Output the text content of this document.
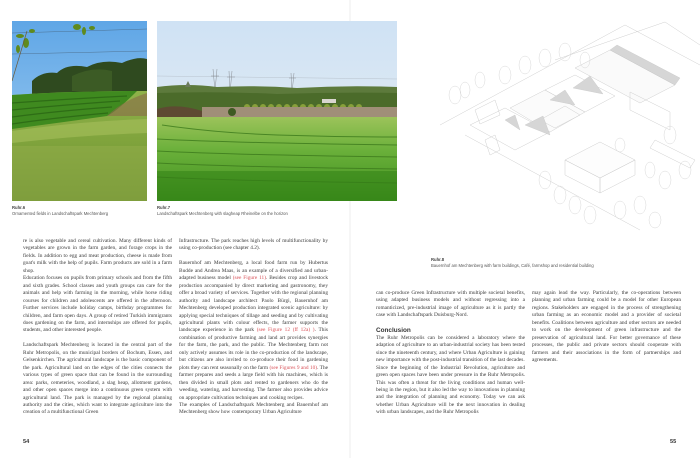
Ruhr.6
Ornamented fields in Landschaftspark Mechtenberg
Ruhr.7
Landschaftspark Mechtenberg with slagheap Rheinelbe on the horizon
Ruhr.8
Bauernhof am Mechtenberg with farm buildings, Café, farmshop and residential building

re is also vegetable and cereal cultivation. Many different kinds of vegetables are grown in the farm garden, and forage crops in the fields. In addition to egg and meat production, cheese is made from goat's milk with the help of pupils. Farm products are sold in a farm shop.

Education focuses on pupils from primary schools and from the fifth and sixth grades. School classes and youth groups can care for the animals and help with farming in the morning, while horse riding courses for children and adolescents are offered in the afternoon. Further services include holiday camps, birthday programmes for children, and farm open days. A group of retired Turkish immigrants does gardening on the farm, and internships are offered for pupils, students, and other interested people.

Landschaftspark Mechtenberg is located in the central part of the Ruhr Metropolis, on the municipal borders of Bochum, Essen, and Gelsenkirchen. The agricultural landscape is the basic component of the park. Agricultural land on the edges of the cities connects the various types of green space that can be found in the surrounding area: parks, cemeteries, woodland, a slag heap, allotment gardens, and other open spaces merge into a continuous green system with agricultural land. The park is managed by the regional planning authority and the cities, which want to integrate agriculture into the creation of a multifunctional Green

Infrastructure. The park reaches high levels of multifunctionality by using co-production (see chapter 4.2).

Bauernhof am Mechtenberg, a local food farm run by Hubertus Budde and Andrea Maas, is an example of a diversified and urban-adapted business model (see Figure 11). Besides crop and livestock production accompanied by direct marketing and gastronomy, they offer a broad variety of services. Together with the regional planning authority and landscape architect Paolo Bürgi, Bauernhof am Mechtenberg developed production integrated scenic agriculture: by applying special techniques of tillage and seeding and by cultivating agricultural plants with colour effects, the farmer supports the landscape experience in the park (see Figure 12 (ff 12a) ). This combination of productive farming and land art provides synergies for the farm, the park, and the public. The Mechtenberg farm not only actively assumes its role in the co-production of the landscape, but citizens are also invited to co-produce their food in gardening plots they can rent seasonally on the farm (see Figures 9 and 10). The farmer prepares and seeds a large field with his machines, which is then divided in small plots and rented to gardeners who do the weeding, watering, and harvesting. The farmer also provides advice on appropriate cultivation techniques and cooking recipes.

The examples of Landschaftspark Mechtenberg and Bauernhof am Mechtenberg show how contemporary Urban Agriculture

can co-produce Green Infrastructure with multiple societal benefits, using adapted business models and without regressing into a romanticized, pre-industrial image of agriculture as it is partly the case with Landschaftspark Duisburg-Nord.

Conclusion

The Ruhr Metropolis can be considered a laboratory where the adaption of agriculture to an urban-industrial society has been tested since the nineteenth century, and where Urban Agriculture is gaining new importance with the post-industrial transition of the last decades.

Since the beginning of the Industrial Revolution, agriculture and green open spaces have been under pressure in the Ruhr Metropolis. This was often a threat for the living conditions and human well-being in the region, but it also led the way to innovations in planning and the integration of planning and economy. Today we can ask whether Urban Agriculture will be the next innovation in dealing with urban landscapes, and the Ruhr Metropolis

may again lead the way. Particularly, the co-operations between planning and urban farming could be a model for other European regions. Stakeholders are engaged in the process of strengthening urban farming as an economic model and a provider of societal benefits. Coalitions between agriculture and other sectors are needed to work on the development of green infrastructure and the preservation of agricultural land. For better governance of these processes, the public and private sectors should cooperate with farmers and their associations in the form of partnerships and agreements.

54	55
